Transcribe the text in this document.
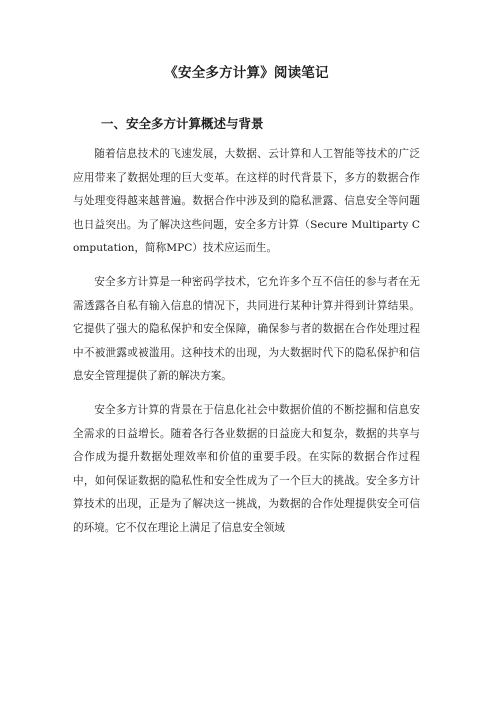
《安全多方计算》阅读笔记
一、安全多方计算概述与背景

随着信息技术的飞速发展，大数据、云计算和人工智能等技术的广泛应用带来了数据处理的巨大变革。在这样的时代背景下，多方的数据合作与处理变得越来越普遍。数据合作中涉及到的隐私泄露、信息安全等问题也日益突出。为了解决这些问题，安全多方计算（Secure Multiparty Computation，简称MPC）技术应运而生。

安全多方计算是一种密码学技术，它允许多个互不信任的参与者在无需透露各自私有输入信息的情况下，共同进行某种计算并得到计算结果。它提供了强大的隐私保护和安全保障，确保参与者的数据在合作处理过程中不被泄露或被滥用。这种技术的出现，为大数据时代下的隐私保护和信息安全管理提供了新的解决方案。

安全多方计算的背景在于信息化社会中数据价值的不断挖掘和信息安全需求的日益增长。随着各行各业数据的日益庞大和复杂，数据的共享与合作成为提升数据处理效率和价值的重要手段。在实际的数据合作过程中，如何保证数据的隐私性和安全性成为了一个巨大的挑战。安全多方计算技术的出现，正是为了解决这一挑战，为数据的合作处理提供安全可信的环境。它不仅在理论上满足了信息安全领域
